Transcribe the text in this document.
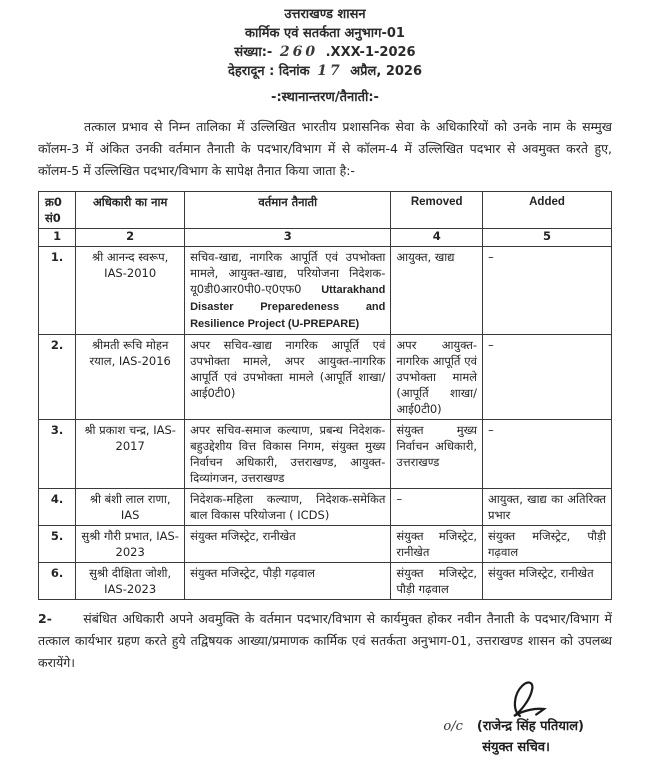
उत्तराखण्ड शासन
कार्मिक एवं सतर्कता अनुभाग-01
संख्या:- 260 .XXX-1-2026
देहरादून : दिनांक 17 अप्रैल, 2026
-:स्थानान्तरण/तैनाती:-

तत्काल प्रभाव से निम्न तालिका में उल्लिखित भारतीय प्रशासनिक सेवा के अधिकारियों को उनके नाम के सम्मुख कॉलम-3 में अंकित उनकी वर्तमान तैनाती के पदभार/विभाग में से कॉलम-4 में उल्लिखित पदभार से अवमुक्त करते हुए, कॉलम-5 में उल्लिखित पदभार/विभाग के सापेक्ष तैनात किया जाता है:-

क्र0
सं0	अधिकारी का नाम	वर्तमान तैनाती	Removed	Added
1	2	3	4	5
1.	श्री आनन्द स्वरूप, IAS-2010	सचिव-खाद्य, नागरिक आपूर्ति एवं उपभोक्ता मामले, आयुक्त-खाद्य, परियोजना निदेशक- यू0डी0आर0पी0-ए0एफ0 Uttarakhand Disaster Preparedeness and Resilience Project (U-PREPARE)	आयुक्त, खाद्य	–
2.	श्रीमती रूचि मोहन रयाल, IAS-2016	अपर सचिव-खाद्य नागरिक आपूर्ति एवं उपभोक्ता मामले, अपर आयुक्त-नागरिक आपूर्ति एवं उपभोक्ता मामले (आपूर्ति शाखा/ आई0टी0)	अपर आयुक्त- नागरिक आपूर्ति एवं उपभोक्ता मामले (आपूर्ति शाखा/ आई0टी0)	–
3.	श्री प्रकाश चन्द्र, IAS-2017	अपर सचिव-समाज कल्याण, प्रबन्ध निदेशक- बहुउद्देशीय वित्त विकास निगम, संयुक्त मुख्य निर्वाचन अधिकारी, उत्तराखण्ड, आयुक्त- दिव्यांगजन, उत्तराखण्ड	संयुक्त मुख्य निर्वाचन अधिकारी, उत्तराखण्ड	–
4.	श्री बंशी लाल राणा, IAS	निदेशक-महिला कल्याण, निदेशक-समेकित बाल विकास परियोजना ( ICDS)	–	आयुक्त, खाद्य का अतिरिक्त प्रभार
5.	सुश्री गौरी प्रभात, IAS-2023	संयुक्त मजिस्ट्रेट, रानीखेत	संयुक्त मजिस्ट्रेट, रानीखेत	संयुक्त मजिस्ट्रेट, पौड़ी गढ़वाल
6.	सुश्री दीक्षिता जोशी, IAS-2023	संयुक्त मजिस्ट्रेट, पौड़ी गढ़वाल	संयुक्त मजिस्ट्रेट, पौड़ी गढ़वाल	संयुक्त मजिस्ट्रेट, रानीखेत

2-	संबंधित अधिकारी अपने अवमुक्ति के वर्तमान पदभार/विभाग से कार्यमुक्त होकर नवीन तैनाती के पदभार/विभाग में तत्काल कार्यभार ग्रहण करते हुये तद्विषयक आख्या/प्रमाणक कार्मिक एवं सतर्कता अनुभाग-01, उत्तराखण्ड शासन को उपलब्ध करायेंगे।

o/c (राजेन्द्र सिंह पतियाल)
संयुक्त सचिव।
